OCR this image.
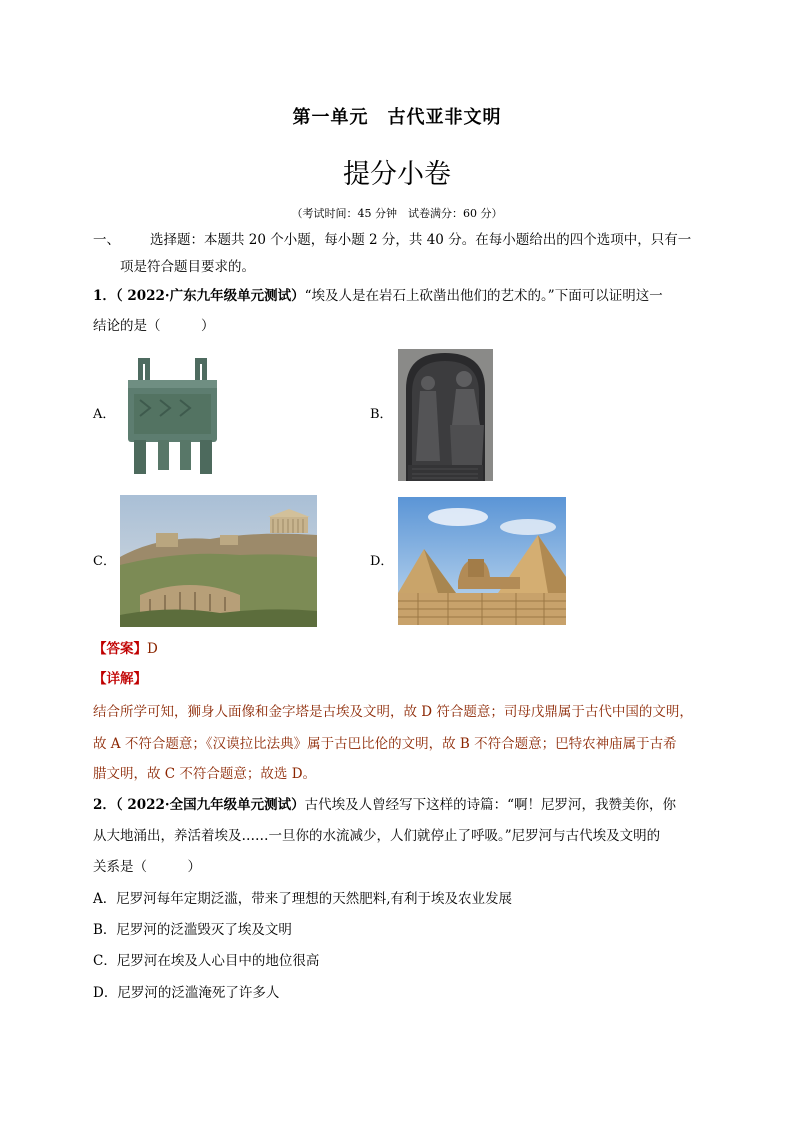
第一单元　古代亚非文明
提分小卷
（考试时间：45 分钟　试卷满分：60 分）
一、 选择题：本题共 20 个小题，每小题 2 分，共 40 分。在每小题给出的四个选项中，只有一
项是符合题目要求的。
1．（ 2022·广东九年级单元测试）“埃及人是在岩石上砍凿出他们的艺术的。”下面可以证明这一
结论的是（　　　）
A．	B．
C．	D．
【答案】D
【详解】
结合所学可知，狮身人面像和金字塔是古埃及文明，故 D 符合题意；司母戊鼎属于古代中国的文明，
故 A 不符合题意；《汉谟拉比法典》属于古巴比伦的文明，故 B 不符合题意；巴特农神庙属于古希
腊文明，故 C 不符合题意；故选 D。
2．（ 2022·全国九年级单元测试）古代埃及人曾经写下这样的诗篇：“啊！尼罗河，我赞美你，你
从大地涌出，养活着埃及……一旦你的水流减少，人们就停止了呼吸。”尼罗河与古代埃及文明的
关系是（　　　）
A．尼罗河每年定期泛滥，带来了理想的天然肥料,有利于埃及农业发展
B．尼罗河的泛滥毁灭了埃及文明
C．尼罗河在埃及人心目中的地位很高
D．尼罗河的泛滥淹死了许多人
